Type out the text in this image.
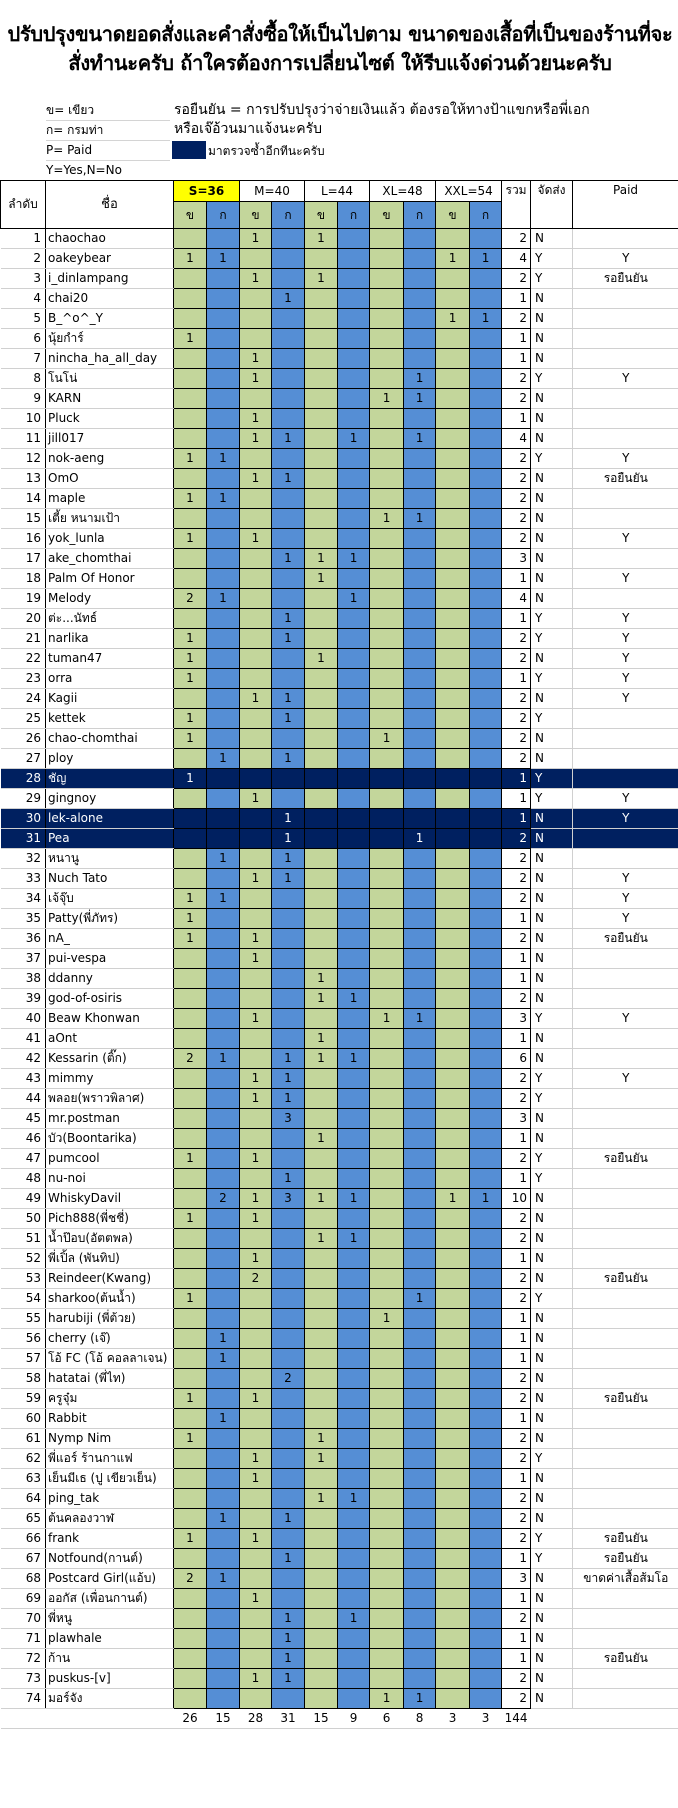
ปรับปรุงขนาดยอดสั่งและคำสั่งซื้อให้เป็นไปตาม ขนาดของเสื้อที่เป็นของร้านที่จะสั่งทำนะครับ ถ้าใครต้องการเปลี่ยนไซต์ ให้รีบแจ้งด่วนด้วยนะครับ
ข= เขียว
ก= กรมท่า
P= Paid
Y=Yes,N=No
รอยืนยัน = การปรับปรุงว่าจ่ายเงินแล้ว ต้องรอให้ทางป้าแขกหรือพี่เอก
หรือเจ๊อ้วนมาแจ้งนะครับ
มาตรวจซ้ำอีกทีนะครับ
ลำดับ	ชื่อ	S=36		M=40		L=44		XL=48		XXL=54		รวม	จัดส่ง	Paid
		ข	ก	ข	ก	ข	ก	ข	ก	ข	ก			
1	chaochao			1		1						2	N	
2	oakeybear	1	1							1	1	4	Y	Y
3	i_dinlampang			1		1						2	Y	รอยืนยัน
4	chai20				1							1	N	
5	B_^o^_Y									1	1	2	N	
6	นุ้ยกำร์	1										1	N	
7	nincha_ha_all_day			1								1	N	
8	โนโน่			1					1			2	Y	Y
9	KARN							1	1			2	N	
10	Pluck			1								1	N	
11	jill017			1	1		1		1			4	N	
12	nok-aeng	1	1									2	Y	Y
13	OmO			1	1							2	N	รอยืนยัน
14	maple	1	1									2	N	
15	เตี้ย หนามเป้า							1	1			2	N	
16	yok_lunla	1		1								2	N	Y
17	ake_chomthai				1	1	1					3	N	
18	Palm Of Honor					1						1	N	Y
19	Melody	2	1				1					4	N	
20	ต่ะ...นัทธ์				1							1	Y	Y
21	narlika	1			1							2	Y	Y
22	tuman47	1				1						2	N	Y
23	orra	1										1	Y	Y
24	Kagii			1	1							2	N	Y
25	kettek	1			1							2	Y	
26	chao-chomthai	1						1				2	N	
27	ploy		1		1							2	N	
28	ชัญ	1										1	Y	
29	gingnoy			1								1	Y	Y
30	lek-alone				1							1	N	Y
31	Pea				1				1			2	N	
32	หนานู		1		1							2	N	
33	Nuch Tato			1	1							2	N	Y
34	เจ้จุ๊บ	1	1									2	N	Y
35	Patty(พี่ภัทร)	1										1	N	Y
36	nA_	1		1								2	N	รอยืนยัน
37	pui-vespa			1								1	N	
38	ddanny					1						1	N	
39	god-of-osiris					1	1					2	N	
40	Beaw Khonwan			1				1	1			3	Y	Y
41	aOnt					1						1	N	
42	Kessarin (ติ๊ก)	2	1		1	1	1					6	N	
43	mimmy			1	1							2	Y	Y
44	พลอย(พราวพิลาศ)			1	1							2	Y	
45	mr.postman				3							3	N	
46	บัว(Boontarika)					1						1	N	
47	pumcool	1		1								2	Y	รอยืนยัน
48	nu-noi				1							1	Y	
49	WhiskyDavil		2	1	3	1	1			1	1	10	N	
50	Pich888(พี่ชชี่)	1		1								2	N	
51	น้ำป๊อบ(อัตตพล)					1	1					2	N	
52	พี่เปิ้ล (พันทิป)			1								1	N	
53	Reindeer(Kwang)			2								2	N	รอยืนยัน
54	sharkoo(ต้นน้ำ)	1							1			2	Y	
55	harubiji (พี่ต้วย)							1				1	N	
56	cherry (เจ๊)		1									1	N	
57	โอ้ FC (โอ้ คอลลาเจน)		1									1	N	
58	hatatai (พี่ไท)				2							2	N	
59	ครูจุ๋ม	1		1								2	N	รอยืนยัน
60	Rabbit		1									1	N	
61	Nymp Nim	1				1						2	N	
62	พี่แอร์ ร้านกาแฟ			1		1						2	Y	
63	เย็นมีเธ (ปู เขียวเย็น)			1								1	N	
64	ping_tak					1	1					2	N	
65	ต้นคลองวาฬ		1		1							2	N	
66	frank	1		1								2	Y	รอยืนยัน
67	Notfound(กานต์)				1							1	Y	รอยืนยัน
68	Postcard Girl(แอ้บ)	2	1									3	N	ขาดค่าเสื้อส้มโอ
69	ออกัส (เพื่อนกานต์)			1								1	N	
70	พี่หนู				1		1					2	N	
71	plawhale				1							1	N	
72	ก้าน				1							1	N	รอยืนยัน
73	puskus-[v]			1	1							2	N	
74	มอร์จัง							1	1			2	N	
		26	15	28	31	15	9	6	8	3	3	144		
